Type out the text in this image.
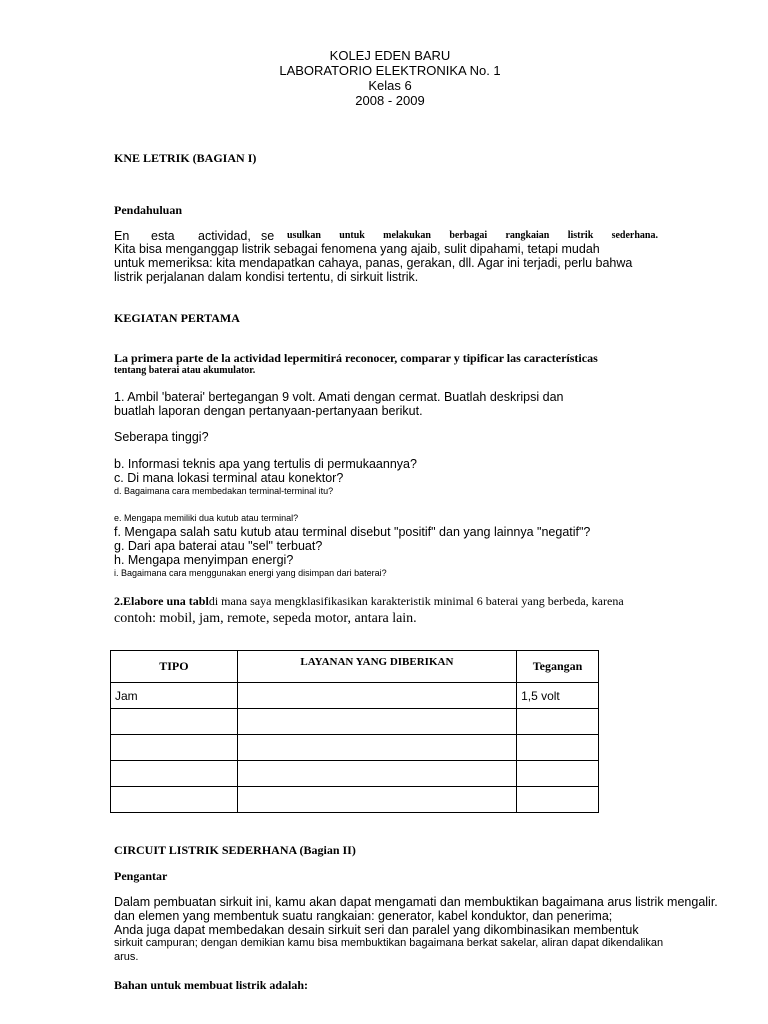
KOLEJ EDEN BARU
LABORATORIO ELEKTRONIKA No. 1
Kelas 6
2008 - 2009
KNE LETRIK (BAGIAN I)
Pendahuluan
En esta actividad, se usulkan untuk melakukan berbagai rangkaian listrik sederhana.
Kita bisa menganggap listrik sebagai fenomena yang ajaib, sulit dipahami, tetapi mudah
untuk memeriksa: kita mendapatkan cahaya, panas, gerakan, dll. Agar ini terjadi, perlu bahwa
listrik perjalanan dalam kondisi tertentu, di sirkuit listrik.
KEGIATAN PERTAMA
La primera parte de la actividad lepermitirá reconocer, comparar y tipificar las características
tentang baterai atau akumulator.
1. Ambil 'baterai' bertegangan 9 volt. Amati dengan cermat. Buatlah deskripsi dan
buatlah laporan dengan pertanyaan-pertanyaan berikut.
Seberapa tinggi?
b. Informasi teknis apa yang tertulis di permukaannya?
c. Di mana lokasi terminal atau konektor?
d. Bagaimana cara membedakan terminal-terminal itu?
e. Mengapa memiliki dua kutub atau terminal?
f. Mengapa salah satu kutub atau terminal disebut "positif" dan yang lainnya "negatif"?
g. Dari apa baterai atau "sel" terbuat?
h. Mengapa menyimpan energi?
i. Bagaimana cara menggunakan energi yang disimpan dari baterai?
2.Elabore una tabldi mana saya mengklasifikasikan karakteristik minimal 6 baterai yang berbeda, karena
contoh: mobil, jam, remote, sepeda motor, antara lain.
TIPO	LAYANAN YANG DIBERIKAN	Tegangan
Jam		1,5 volt

CIRCUIT LISTRIK SEDERHANA (Bagian II)
Pengantar
Dalam pembuatan sirkuit ini, kamu akan dapat mengamati dan membuktikan bagaimana arus listrik mengalir.
dan elemen yang membentuk suatu rangkaian: generator, kabel konduktor, dan penerima;
Anda juga dapat membedakan desain sirkuit seri dan paralel yang dikombinasikan membentuk
sirkuit campuran; dengan demikian kamu bisa membuktikan bagaimana berkat sakelar, aliran dapat dikendalikan
arus.
Bahan untuk membuat listrik adalah:
